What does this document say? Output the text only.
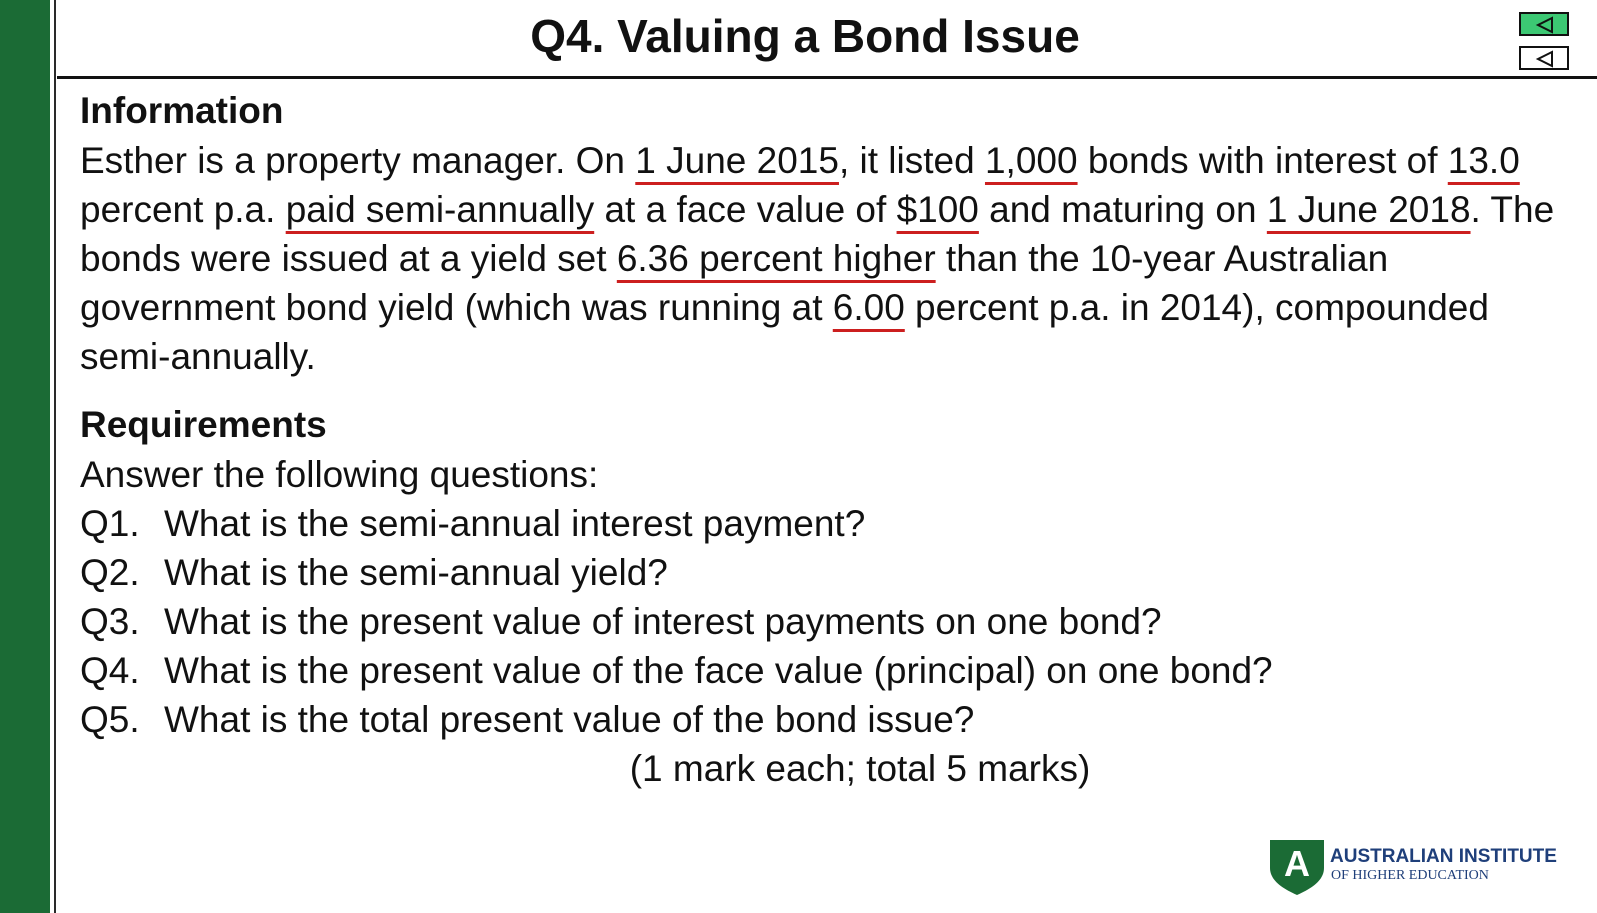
Q4. Valuing a Bond Issue
Information

Esther is a property manager. On 1 June 2015, it listed 1,000 bonds with interest of 13.0 percent p.a. paid semi-annually at a face value of $100 and maturing on 1 June 2018. The bonds were issued at a yield set 6.36 percent higher than the 10-year Australian government bond yield (which was running at 6.00 percent p.a. in 2014), compounded semi-annually.

Requirements
Answer the following questions:
Q1. What is the semi-annual interest payment?
Q2. What is the semi-annual yield?
Q3. What is the present value of interest payments on one bond?
Q4. What is the present value of the face value (principal) on one bond?
Q5. What is the total present value of the bond issue?
(1 mark each; total 5 marks)
A AUSTRALIAN INSTITUTE
OF HIGHER EDUCATION
